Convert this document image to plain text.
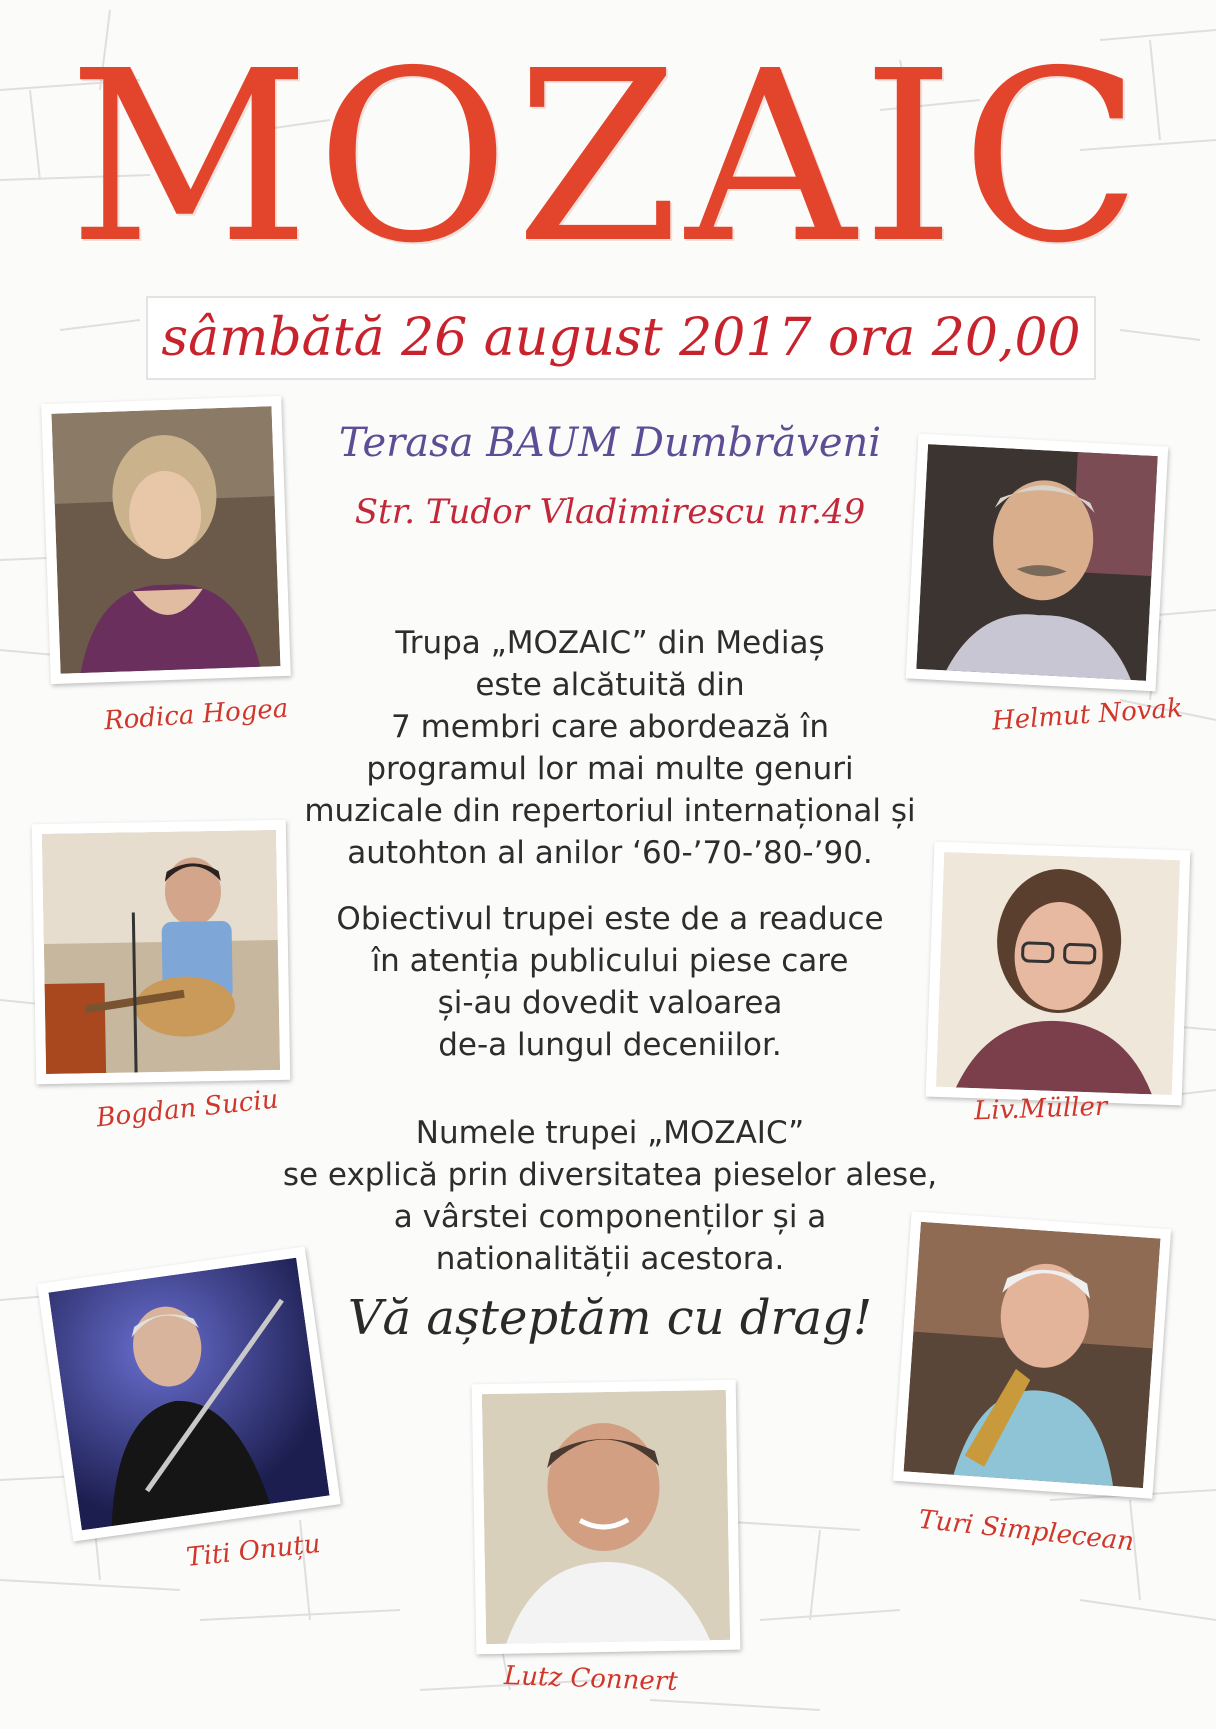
MOZAIC
sâmbătă 26 august 2017 ora 20,00
Terasa BAUM Dumbrăveni
Str. Tudor Vladimirescu nr.49
Trupa „MOZAIC” din Mediaș
este alcătuită din
7 membri care abordează în
programul lor mai multe genuri
muzicale din repertoriul internațional și
autohton al anilor ‘60-’70-’80-’90.
Obiectivul trupei este de a readuce
în atenția publicului piese care
și-au dovedit valoarea
de-a lungul deceniilor.
Numele trupei „MOZAIC”
se explică prin diversitatea pieselor alese,
a vârstei componenților și a
nationalității acestora.
Vă așteptăm cu drag!
Rodica Hogea	Helmut Novak
Bogdan Suciu	Liv.Müller
Titi Onuțu	Turi Simplecean
Lutz Connert
